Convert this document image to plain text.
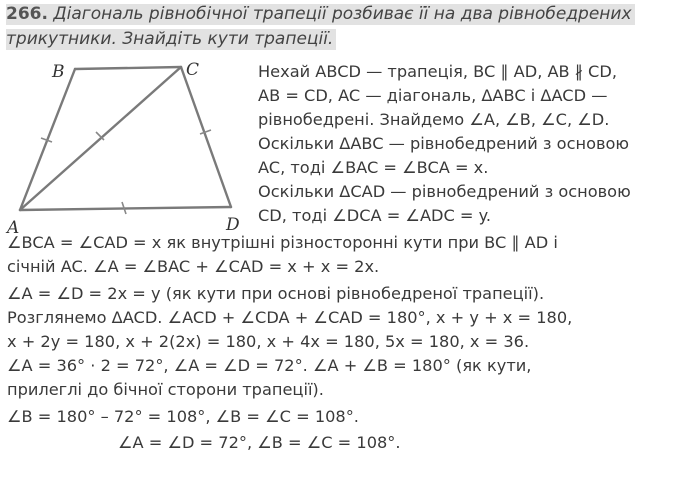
266. Діагональ рівнобічної трапеції розбиває її на два рівнобедрених
трикутники. Знайдіть кути трапеції.
B	C
A	D
Нехай ABCD — трапеція, BC ∥ AD, AB ∦ CD,
AB = CD, AC — діагональ, ΔABC і ΔACD —
рівнобедрені. Знайдемо ∠A, ∠B, ∠C, ∠D.
Оскільки ΔABC — рівнобедрений з основою
AC, тоді ∠BAC = ∠BCA = x.
Оскільки ΔCAD — рівнобедрений з основою
CD, тоді ∠DCA = ∠ADC = y.
∠BCA = ∠CAD = x як внутрішні різносторонні кути при BC ∥ AD і
січній AC. ∠A = ∠BAC + ∠CAD = x + x = 2x.
∠A = ∠D = 2x = y (як кути при основі рівнобедреної трапеції).
Розглянемо ΔACD. ∠ACD + ∠CDA + ∠CAD = 180°, x + y + x = 180,
x + 2y = 180, x + 2(2x) = 180, x + 4x = 180, 5x = 180, x = 36.
∠A = 36° · 2 = 72°, ∠A = ∠D = 72°. ∠A + ∠B = 180° (як кути,
прилеглі до бічної сторони трапеції).
∠B = 180° – 72° = 108°, ∠B = ∠C = 108°.
∠A = ∠D = 72°, ∠B = ∠C = 108°.
